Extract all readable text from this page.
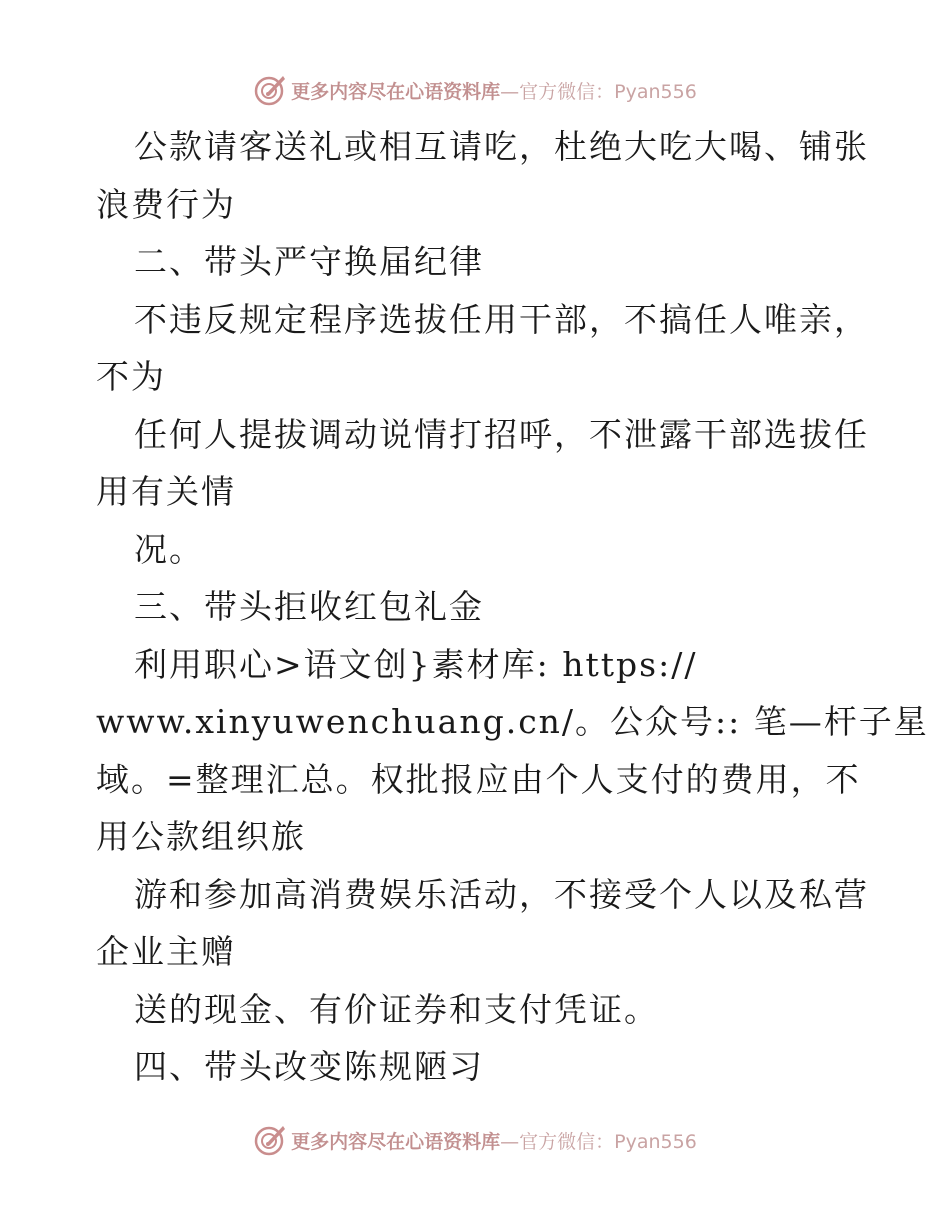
更多内容尽在心语资料库—官方微信：Pyan556
公款请客送礼或相互请吃，杜绝大吃大喝、铺张
浪费行为
二、带头严守换届纪律
不违反规定程序选拔任用干部，不搞任人唯亲，
不为
任何人提拔调动说情打招呼，不泄露干部选拔任
用有关情
况。
三、带头拒收红包礼金
利用职心>语文创}素材库: https://
www.xinyuwenchuang.cn/。公众号:: 笔—杆子星
域。=整理汇总。权批报应由个人支付的费用，不
用公款组织旅
游和参加高消费娱乐活动，不接受个人以及私营
企业主赠
送的现金、有价证券和支付凭证。
四、带头改变陈规陋习
更多内容尽在心语资料库—官方微信：Pyan556
